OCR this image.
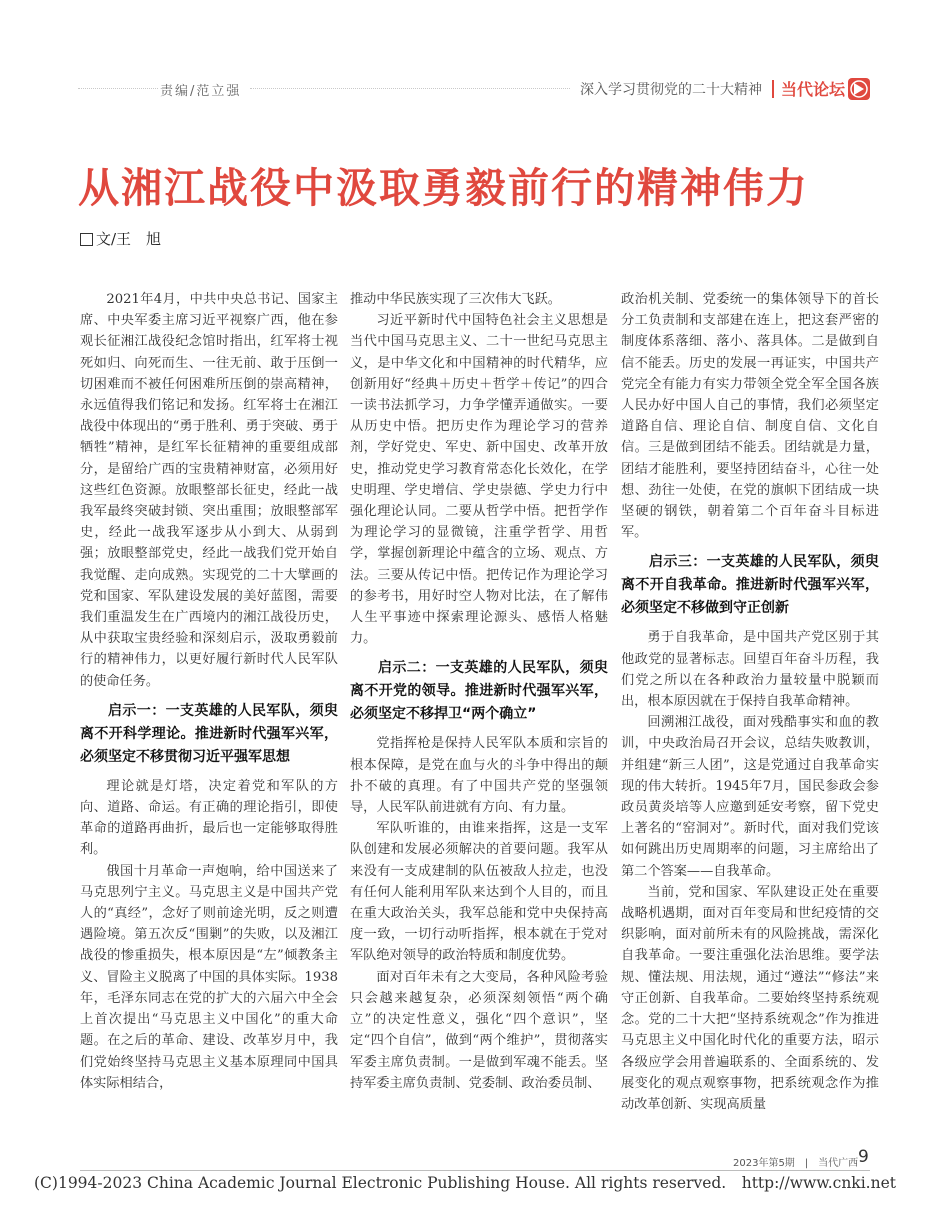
责编/范立强	深入学习贯彻党的二十大精神 当代论坛
从湘江战役中汲取勇毅前行的精神伟力
文/王　旭

2021年4月，中共中央总书记、国家主席、中央军委主席习近平视察广西，他在参观长征湘江战役纪念馆时指出，红军将士视死如归、向死而生、一往无前、敢于压倒一切困难而不被任何困难所压倒的崇高精神，永远值得我们铭记和发扬。红军将士在湘江战役中体现出的“勇于胜利、勇于突破、勇于牺牲”精神，是红军长征精神的重要组成部分，是留给广西的宝贵精神财富，必须用好这些红色资源。放眼整部长征史，经此一战我军最终突破封锁、突出重围；放眼整部军史，经此一战我军逐步从小到大、从弱到强；放眼整部党史，经此一战我们党开始自我觉醒、走向成熟。实现党的二十大擘画的党和国家、军队建设发展的美好蓝图，需要我们重温发生在广西境内的湘江战役历史，从中获取宝贵经验和深刻启示，汲取勇毅前行的精神伟力，以更好履行新时代人民军队的使命任务。

启示一：一支英雄的人民军队，须臾离不开科学理论。推进新时代强军兴军，必须坚定不移贯彻习近平强军思想

理论就是灯塔，决定着党和军队的方向、道路、命运。有正确的理论指引，即使革命的道路再曲折，最后也一定能够取得胜利。

俄国十月革命一声炮响，给中国送来了马克思列宁主义。马克思主义是中国共产党人的“真经”，念好了则前途光明，反之则遭遇险境。第五次反“围剿”的失败，以及湘江战役的惨重损失，根本原因是“左”倾教条主义、冒险主义脱离了中国的具体实际。1938年，毛泽东同志在党的扩大的六届六中全会上首次提出“马克思主义中国化”的重大命题。在之后的革命、建设、改革岁月中，我们党始终坚持马克思主义基本原理同中国具体实际相结合，

推动中华民族实现了三次伟大飞跃。

习近平新时代中国特色社会主义思想是当代中国马克思主义、二十一世纪马克思主义，是中华文化和中国精神的时代精华，应创新用好“经典＋历史＋哲学＋传记”的四合一读书法抓学习，力争学懂弄通做实。一要从历史中悟。把历史作为理论学习的营养剂，学好党史、军史、新中国史、改革开放史，推动党史学习教育常态化长效化，在学史明理、学史增信、学史崇德、学史力行中强化理论认同。二要从哲学中悟。把哲学作为理论学习的显微镜，注重学哲学、用哲学，掌握创新理论中蕴含的立场、观点、方法。三要从传记中悟。把传记作为理论学习的参考书，用好时空人物对比法，在了解伟人生平事迹中探索理论源头、感悟人格魅力。

启示二：一支英雄的人民军队，须臾离不开党的领导。推进新时代强军兴军，必须坚定不移捍卫“两个确立”

党指挥枪是保持人民军队本质和宗旨的根本保障，是党在血与火的斗争中得出的颠扑不破的真理。有了中国共产党的坚强领导，人民军队前进就有方向、有力量。

军队听谁的，由谁来指挥，这是一支军队创建和发展必须解决的首要问题。我军从来没有一支成建制的队伍被敌人拉走，也没有任何人能利用军队来达到个人目的，而且在重大政治关头，我军总能和党中央保持高度一致，一切行动听指挥，根本就在于党对军队绝对领导的政治特质和制度优势。

面对百年未有之大变局，各种风险考验只会越来越复杂，必须深刻领悟“两个确立”的决定性意义，强化“四个意识”，坚定“四个自信”，做到“两个维护”，贯彻落实军委主席负责制。一是做到军魂不能丢。坚持军委主席负责制、党委制、政治委员制、

政治机关制、党委统一的集体领导下的首长分工负责制和支部建在连上，把这套严密的制度体系落细、落小、落具体。二是做到自信不能丢。历史的发展一再证实，中国共产党完全有能力有实力带领全党全军全国各族人民办好中国人自己的事情，我们必须坚定道路自信、理论自信、制度自信、文化自信。三是做到团结不能丢。团结就是力量，团结才能胜利，要坚持团结奋斗，心往一处想、劲往一处使，在党的旗帜下团结成一块坚硬的钢铁，朝着第二个百年奋斗目标进军。

启示三：一支英雄的人民军队，须臾离不开自我革命。推进新时代强军兴军，必须坚定不移做到守正创新

勇于自我革命，是中国共产党区别于其他政党的显著标志。回望百年奋斗历程，我们党之所以在各种政治力量较量中脱颖而出，根本原因就在于保持自我革命精神。

回溯湘江战役，面对残酷事实和血的教训，中央政治局召开会议，总结失败教训，并组建“新三人团”，这是党通过自我革命实现的伟大转折。1945年7月，国民参政会参政员黄炎培等人应邀到延安考察，留下党史上著名的“窑洞对”。新时代，面对我们党该如何跳出历史周期率的问题，习主席给出了第二个答案——自我革命。

当前，党和国家、军队建设正处在重要战略机遇期，面对百年变局和世纪疫情的交织影响，面对前所未有的风险挑战，需深化自我革命。一要注重强化法治思维。要学法规、懂法规、用法规，通过“遵法”“修法”来守正创新、自我革命。二要始终坚持系统观念。党的二十大把“坚持系统观念”作为推进马克思主义中国化时代化的重要方法，昭示各级应学会用普遍联系的、全面系统的、发展变化的观点观察事物，把系统观念作为推动改革创新、实现高质量

2023年第5期　|　当代广西 9
(C)1994-2023 China Academic Journal Electronic Publishing House. All rights reserved.　http://www.cnki.net
